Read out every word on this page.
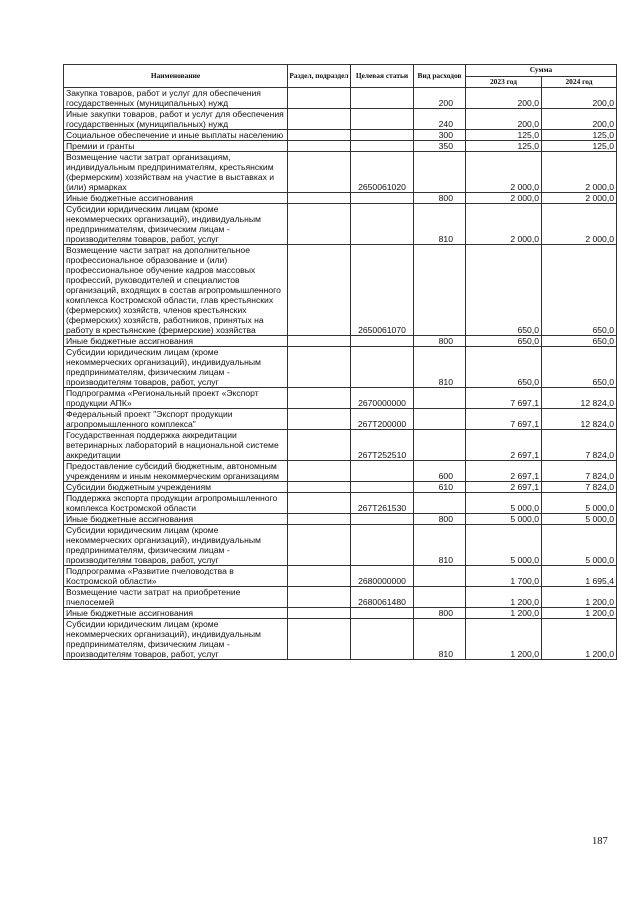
Наименование	Раздел, подраздел	Целевая статьи	Вид расходов	Сумма	
				2023 год	2024 год
Закупка товаров, работ и услуг для обеспечения государственных (муниципальных) нужд			200	200,0	200,0
Иные закупки товаров, работ и услуг для обеспечения государственных (муниципальных) нужд			240	200,0	200,0
Социальное обеспечение и иные выплаты населению			300	125,0	125,0
Премии и гранты			350	125,0	125,0
Возмещение части затрат организациям, индивидуальным предпринимателям, крестьянским (фермерским) хозяйствам на участие в выставках и (или) ярмарках		2650061020		2 000,0	2 000,0
Иные бюджетные ассигнования			800	2 000,0	2 000,0
Субсидии юридическим лицам (кроме некоммерческих организаций), индивидуальным предпринимателям, физическим лицам - производителям товаров, работ, услуг			810	2 000,0	2 000,0
Возмещение части затрат на дополнительное профессиональное образование и (или) профессиональное обучение кадров массовых профессий, руководителей и специалистов организаций, входящих в состав агропромышленного комплекса Костромской области, глав крестьянских (фермерских) хозяйств, членов крестьянских (фермерских) хозяйств, работников, принятых на работу в крестьянские (фермерские) хозяйства		2650061070		650,0	650,0
Иные бюджетные ассигнования			800	650,0	650,0
Субсидии юридическим лицам (кроме некоммерческих организаций), индивидуальным предпринимателям, физическим лицам - производителям товаров, работ, услуг			810	650,0	650,0
Подпрограмма «Региональный проект «Экспорт продукции АПК»		2670000000		7 697,1	12 824,0
Федеральный проект "Экспорт продукции агропромышленного комплекса"		267T200000		7 697,1	12 824,0
Государственная поддержка аккредитации ветеринарных лабораторий в национальной системе аккредитации		267T252510		2 697,1	7 824,0
Предоставление субсидий бюджетным, автономным учреждениям и иным некоммерческим организациям			600	2 697,1	7 824,0
Субсидии бюджетным учреждениям			610	2 697,1	7 824,0
Поддержка экспорта продукции агропромышленного комплекса Костромской области		267T261530		5 000,0	5 000,0
Иные бюджетные ассигнования			800	5 000,0	5 000,0
Субсидии юридическим лицам (кроме некоммерческих организаций), индивидуальным предпринимателям, физическим лицам - производителям товаров, работ, услуг			810	5 000,0	5 000,0
Подпрограмма «Развитие пчеловодства в Костромской области»		2680000000		1 700,0	1 695,4
Возмещение части затрат на приобретение пчелосемей		2680061480		1 200,0	1 200,0
Иные бюджетные ассигнования			800	1 200,0	1 200,0
Субсидии юридическим лицам (кроме некоммерческих организаций), индивидуальным предпринимателям, физическим лицам - производителям товаров, работ, услуг			810	1 200,0	1 200,0
187
